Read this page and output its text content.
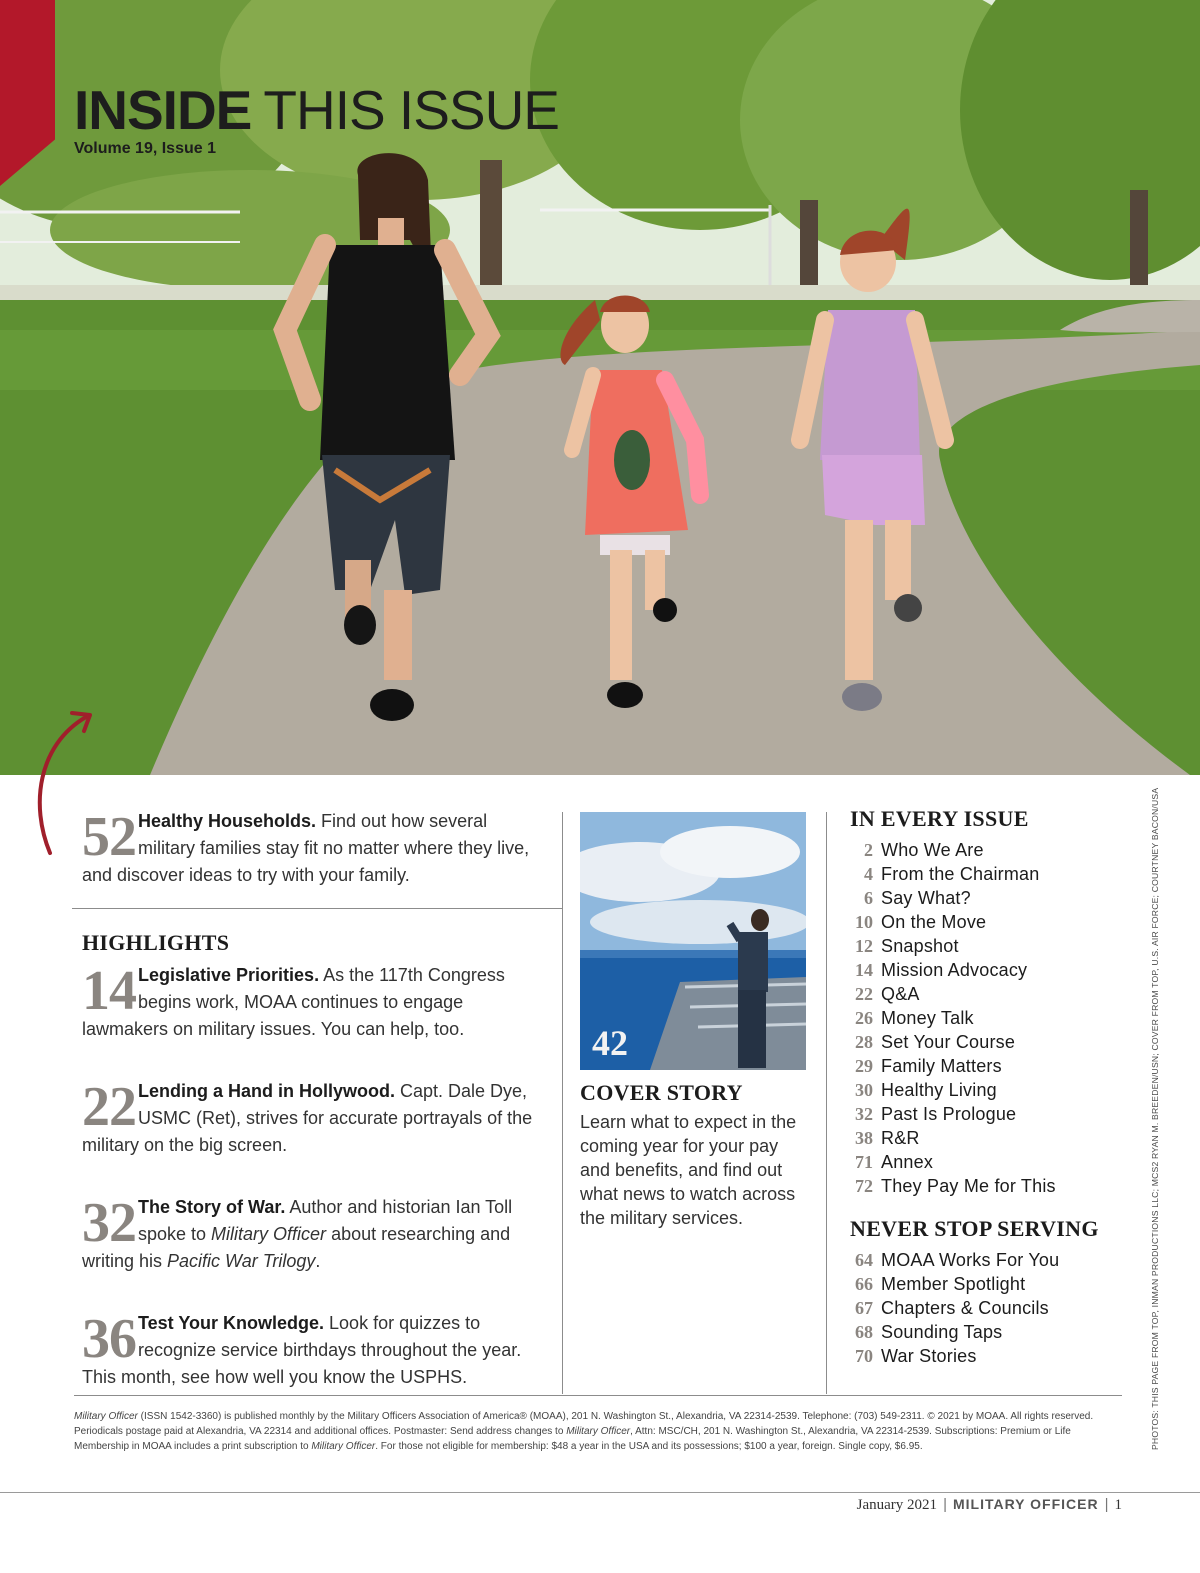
INSIDE THIS ISSUE
Volume 19, Issue 1
52 Healthy Households. Find out how several military families stay fit no matter where they live, and discover ideas to try with your family.
HIGHLIGHTS
14 Legislative Priorities. As the 117th Congress begins work, MOAA continues to engage lawmakers on military issues. You can help, too.
22 Lending a Hand in Hollywood. Capt. Dale Dye, USMC (Ret), strives for accurate portrayals of the military on the big screen.
32 The Story of War. Author and historian Ian Toll spoke to Military Officer about researching and writing his Pacific War Trilogy.
36 Test Your Knowledge. Look for quizzes to recognize service birthdays throughout the year. This month, see how well you know the USPHS.
42
COVER STORY
Learn what to expect in the coming year for your pay and benefits, and find out what news to watch across the military services.
IN EVERY ISSUE
2 Who We Are
4 From the Chairman
6 Say What?
10 On the Move
12 Snapshot
14 Mission Advocacy
22 Q&A
26 Money Talk
28 Set Your Course
29 Family Matters
30 Healthy Living
32 Past Is Prologue
38 R&R
71 Annex
72 They Pay Me for This
NEVER STOP SERVING
64 MOAA Works For You
66 Member Spotlight
67 Chapters & Councils
68 Sounding Taps
70 War Stories	PHOTOS: THIS PAGE FROM TOP, INMAN PRODUCTIONS LLC; MCS2 RYAN M. BREEDEN/USN; COVER FROM TOP, U.S. AIR FORCE; COURTNEY BACON/USA
Military Officer (ISSN 1542-3360) is published monthly by the Military Officers Association of America® (MOAA), 201 N. Washington St., Alexandria, VA 22314-2539. Telephone: (703) 549-2311. © 2021 by MOAA. All rights reserved. Periodicals postage paid at Alexandria, VA 22314 and additional offices. Postmaster: Send address changes to Military Officer, Attn: MSC/CH, 201 N. Washington St., Alexandria, VA 22314-2539. Subscriptions: Premium or Life Membership in MOAA includes a print subscription to Military Officer. For those not eligible for membership: $48 a year in the USA and its possessions; $100 a year, foreign. Single copy, $6.95.
January 2021 | MILITARY OFFICER | 1
